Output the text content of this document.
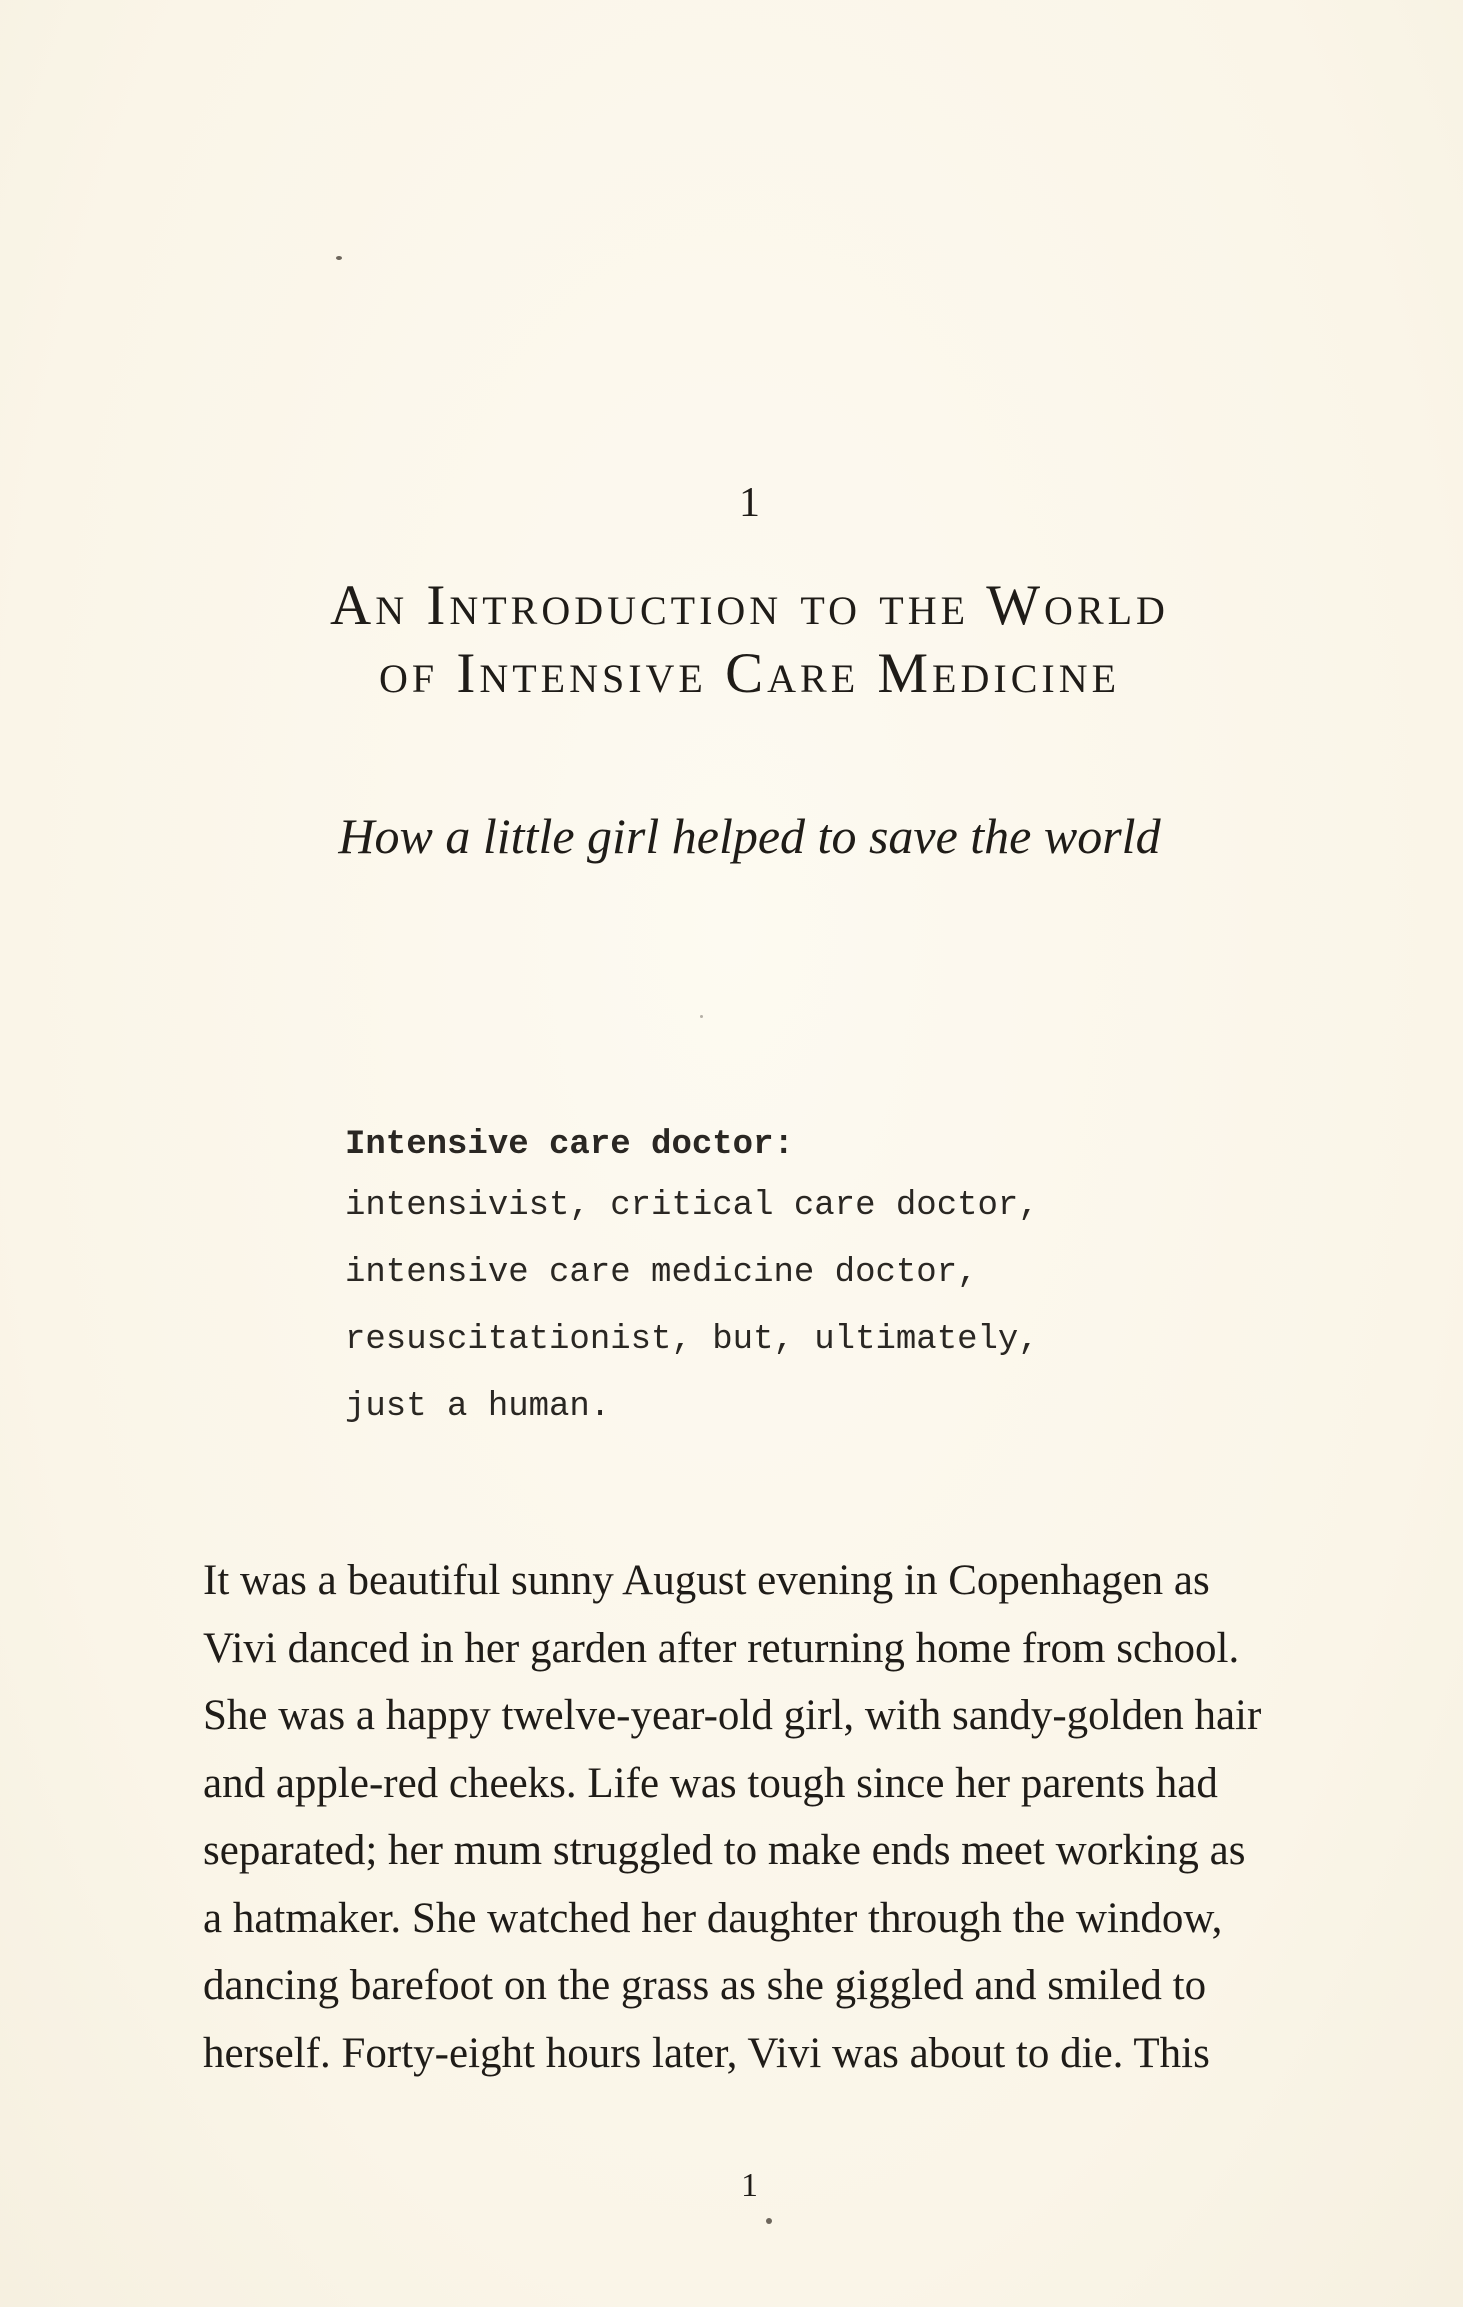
1
An Introduction to the World
of Intensive Care Medicine
How a little girl helped to save the world
Intensive care doctor:
intensivist, critical care doctor,
intensive care medicine doctor,
resuscitationist, but, ultimately,
just a human.
It was a beautiful sunny August evening in Copenhagen as
Vivi danced in her garden after returning home from school.
She was a happy twelve-year-old girl, with sandy-golden hair
and apple-red cheeks. Life was tough since her parents had
separated; her mum struggled to make ends meet working as
a hatmaker. She watched her daughter through the window,
dancing barefoot on the grass as she giggled and smiled to
herself. Forty-eight hours later, Vivi was about to die. This
1
